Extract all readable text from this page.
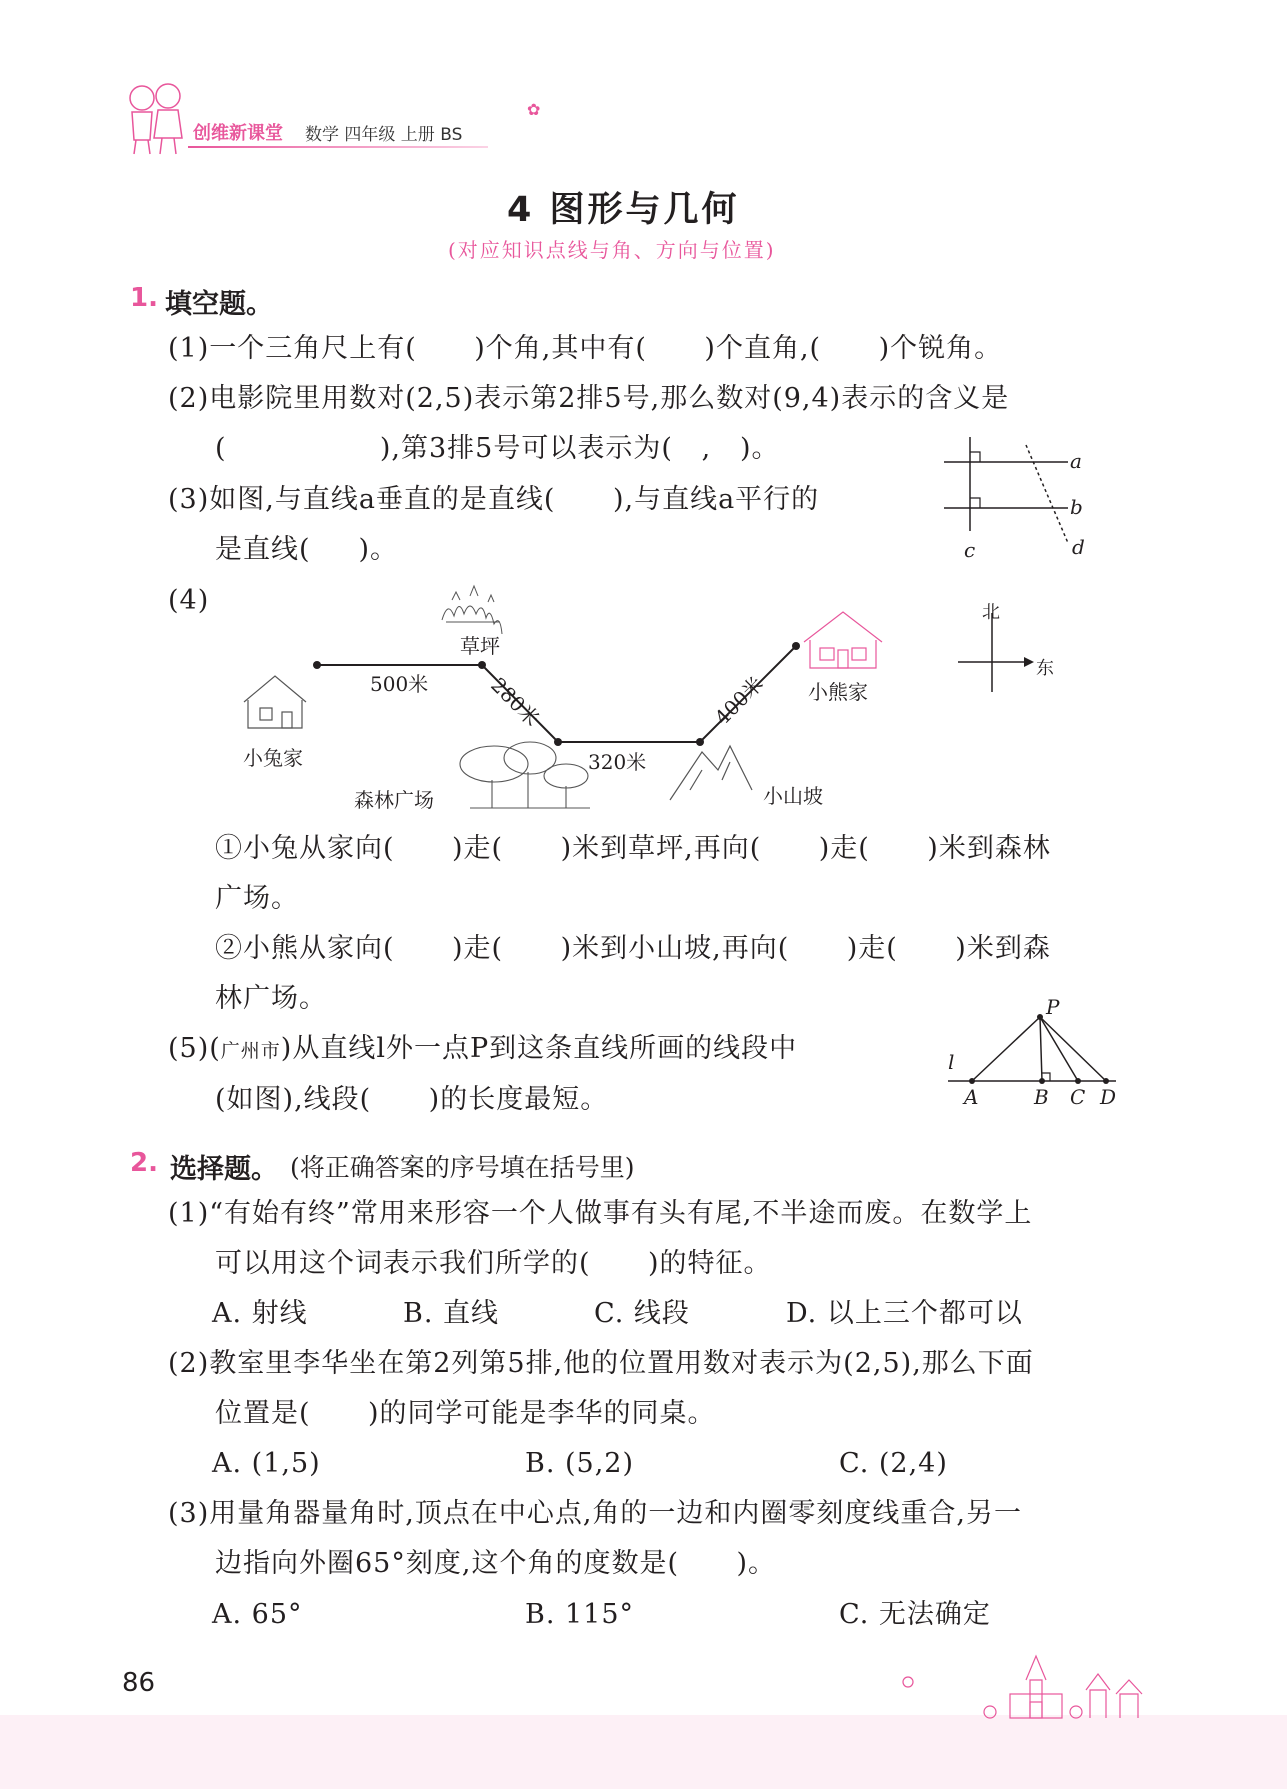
创维新课堂 数学 四年级 上册 BS
✿
4 图形与几何
(对应知识点线与角、方向与位置)
1. 填空题。
(1)一个三角尺上有(      )个角,其中有(      )个直角,(      )个锐角。
(2)电影院里用数对(2,5)表示第2排5号,那么数对(9,4)表示的含义是
(                ),第3排5号可以表示为(   ,   )。
(3)如图,与直线a垂直的是直线(      ),与直线a平行的
是直线(     )。
(4)
a
b
c	d
草坪
500米	280米
320米
400米
小兔家
小熊家
森林广场	小山坡
北
东
①小兔从家向(      )走(      )米到草坪,再向(      )走(      )米到森林
广场。
②小熊从家向(      )走(      )米到小山坡,再向(      )走(      )米到森
林广场。
(5)(广州市)从直线l外一点P到这条直线所画的线段中
(如图),线段(      )的长度最短。
P
l
A	B C D
2. 选择题。 (将正确答案的序号填在括号里)
(1)“有始有终”常用来形容一个人做事有头有尾,不半途而废。在数学上
可以用这个词表示我们所学的(      )的特征。
A. 射线	B. 直线	C. 线段	D. 以上三个都可以
(2)教室里李华坐在第2列第5排,他的位置用数对表示为(2,5),那么下面
位置是(      )的同学可能是李华的同桌。
A. (1,5)	B. (5,2)	C. (2,4)
(3)用量角器量角时,顶点在中心点,角的一边和内圈零刻度线重合,另一
边指向外圈65°刻度,这个角的度数是(      )。
A. 65°	B. 115°	C. 无法确定
86
